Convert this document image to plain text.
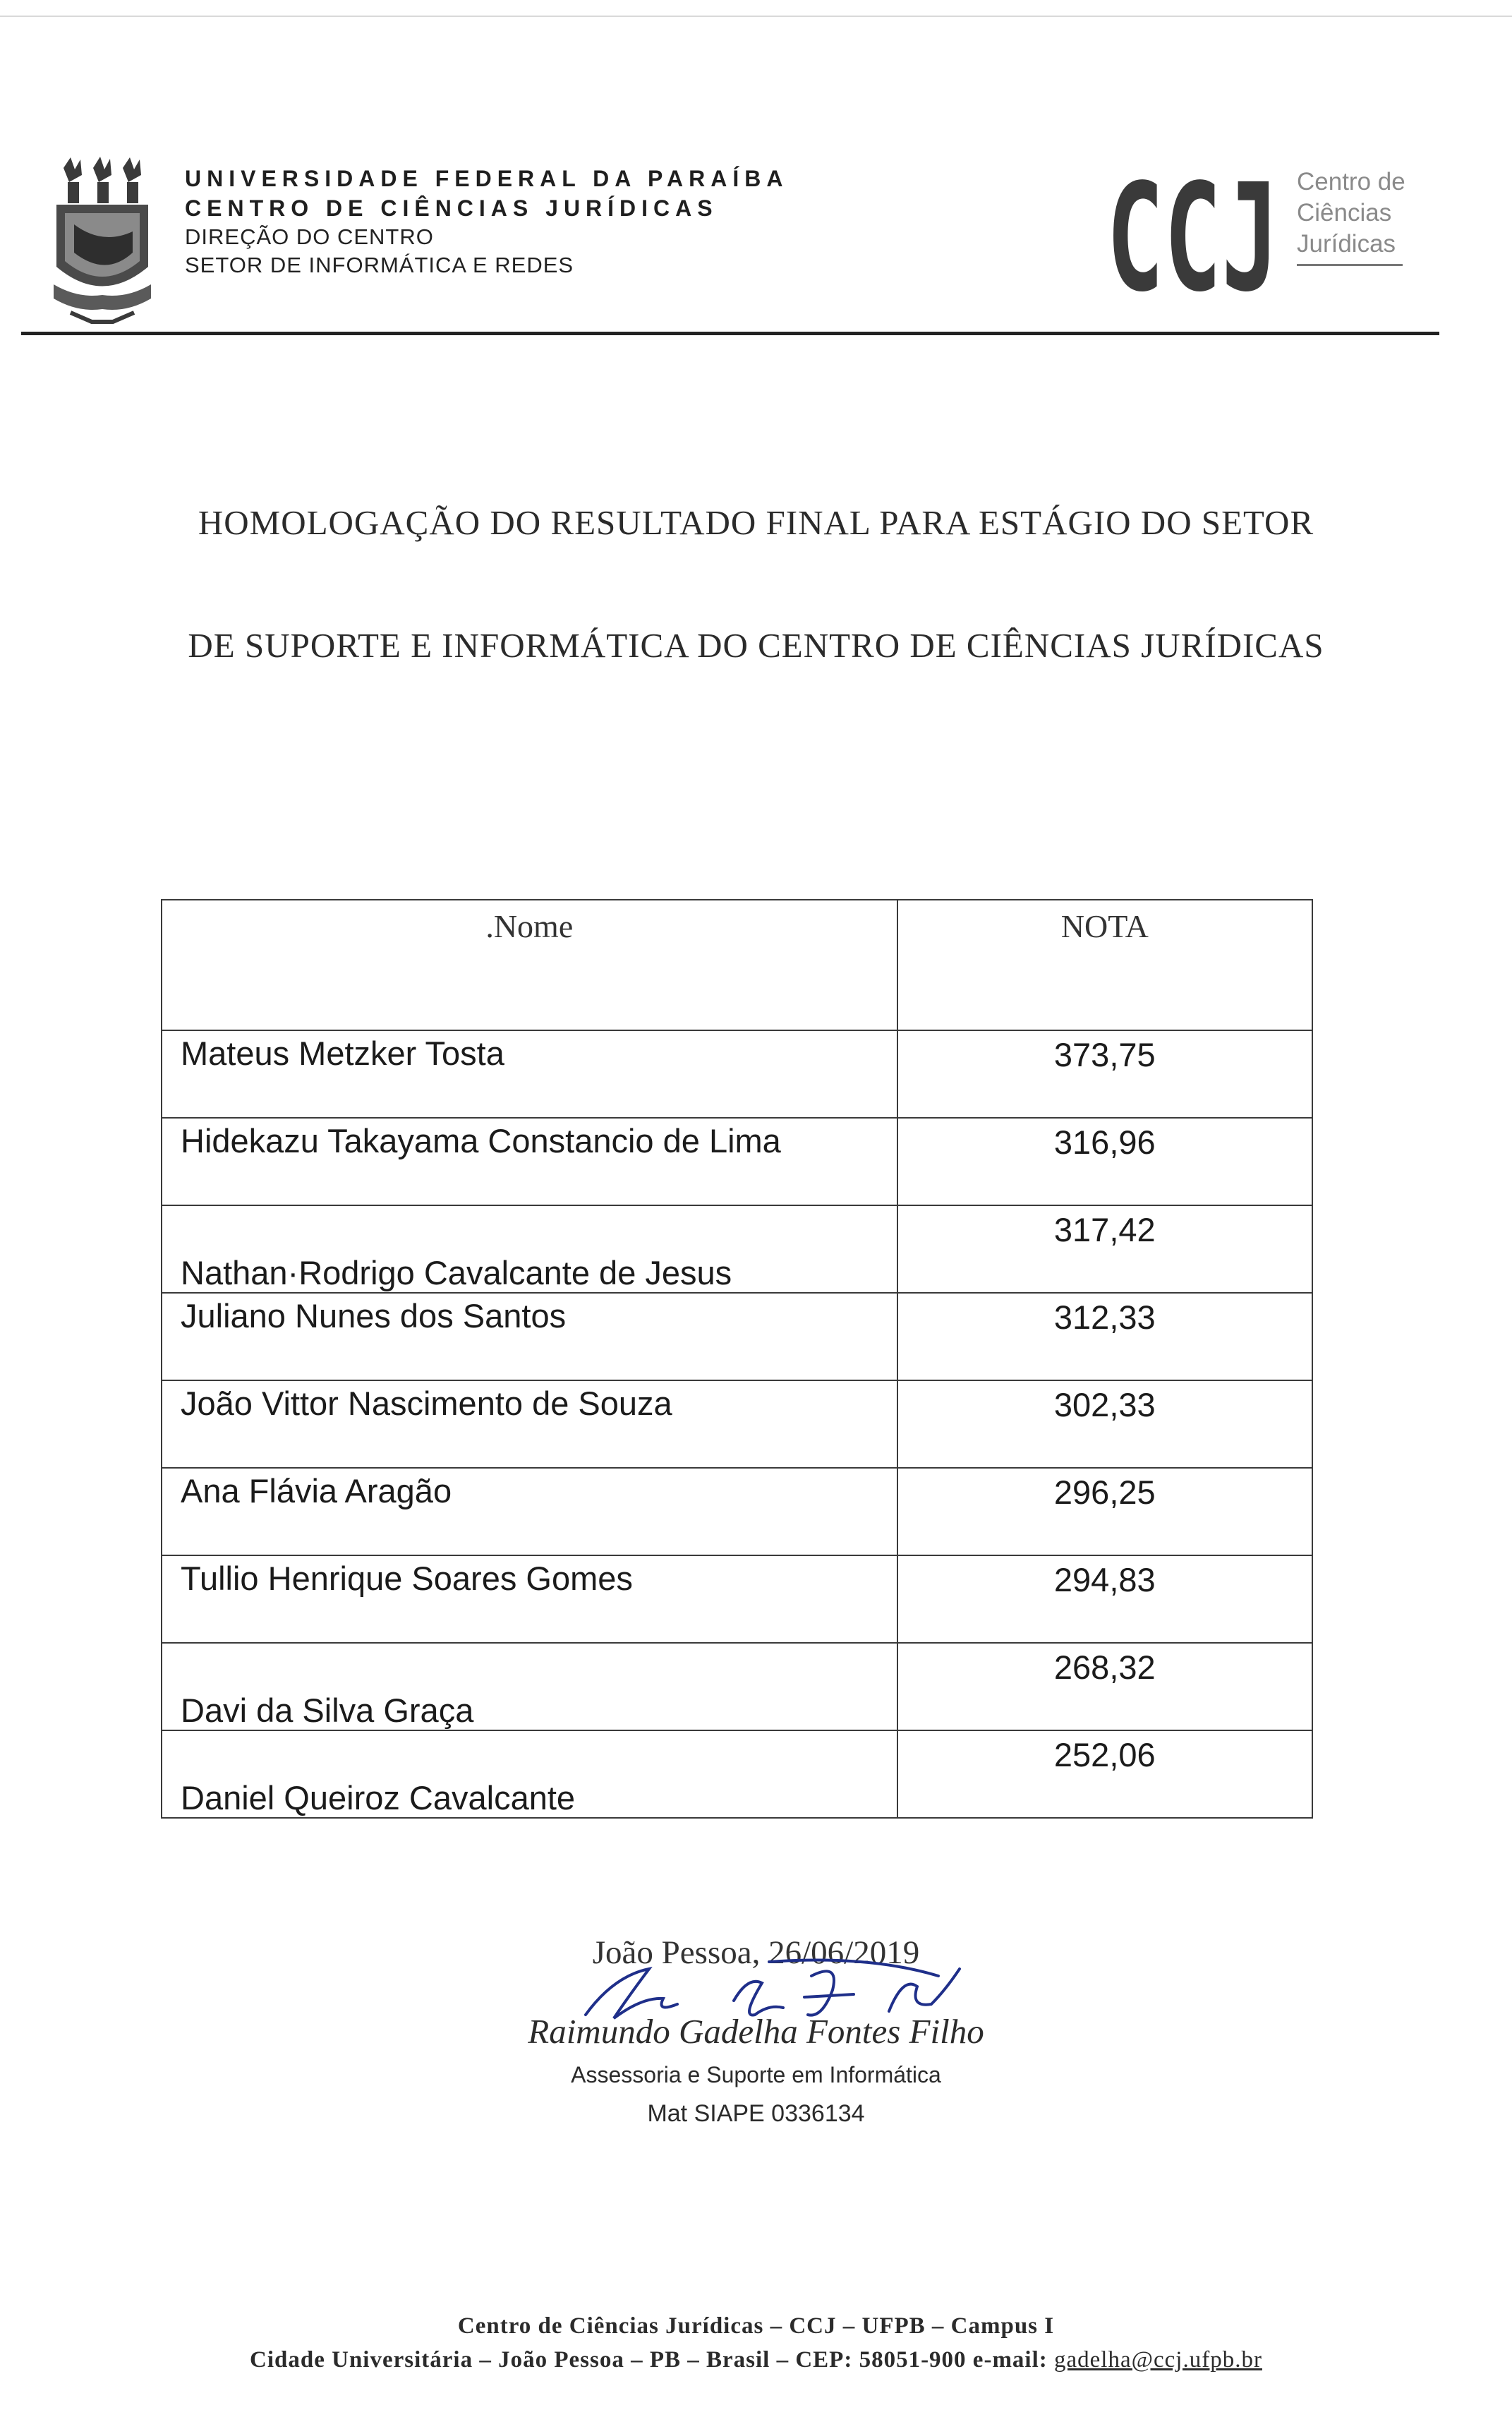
UNIVERSIDADE FEDERAL DA PARAÍBA
CENTRO DE CIÊNCIAS JURÍDICAS
DIREÇÃO DO CENTRO
SETOR DE INFORMÁTICA E REDES	CCJ Centro de
Ciências
Jurídicas
HOMOLOGAÇÃO DO RESULTADO FINAL PARA ESTÁGIO DO SETOR
DE SUPORTE E INFORMÁTICA DO CENTRO DE CIÊNCIAS JURÍDICAS
.Nome	NOTA
Mateus Metzker Tosta	373,75
Hidekazu Takayama Constancio de Lima	316,96
Nathan·Rodrigo Cavalcante de Jesus	317,42
Juliano Nunes dos Santos	312,33
João Vittor Nascimento de Souza	302,33
Ana Flávia Aragão	296,25
Tullio Henrique Soares Gomes	294,83
Davi da Silva Graça	268,32
Daniel Queiroz Cavalcante	252,06
João Pessoa, 26/06/2019
Raimundo Gadelha Fontes Filho
Assessoria e Suporte em Informática
Mat SIAPE 0336134
Centro de Ciências Jurídicas – CCJ – UFPB – Campus I
Cidade Universitária – João Pessoa – PB – Brasil – CEP: 58051-900 e-mail: gadelha@ccj.ufpb.br
